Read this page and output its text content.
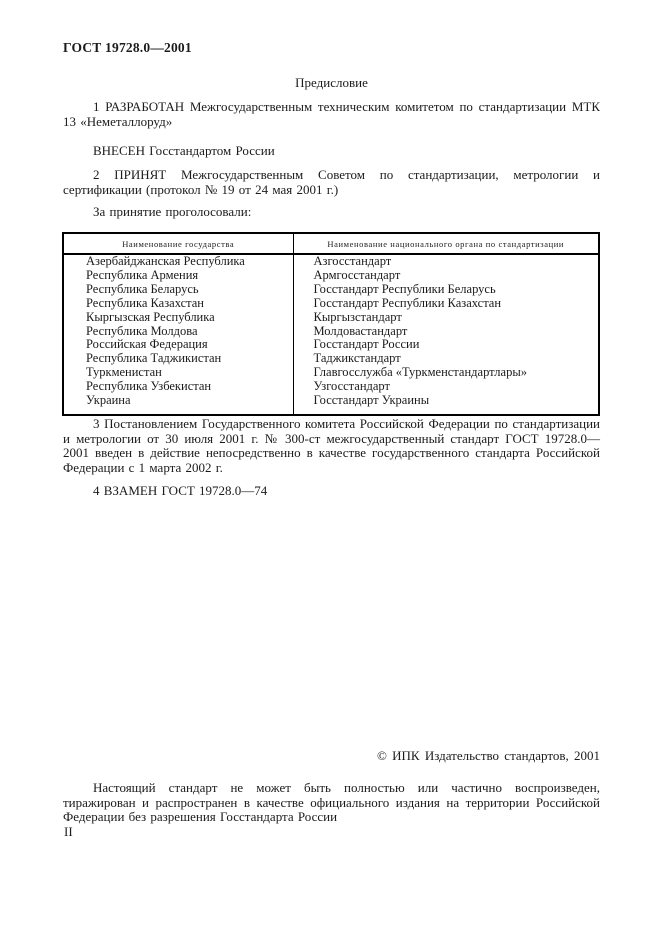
ГОСТ 19728.0—2001
Предисловие
1 РАЗРАБОТАН Межгосударственным техническим комитетом по стандартизации МТК 13 «Неметаллоруд»
ВНЕСЕН Госстандартом России
2 ПРИНЯТ Межгосударственным Советом по стандартизации, метрологии и сертификации (протокол № 19 от 24 мая 2001 г.)
За принятие проголосовали:
Наименование государства	Наименование национального органа по стандартизации
Азербайджанская Республика	Азгосстандарт
Республика Армения	Армгосстандарт
Республика Беларусь	Госстандарт Республики Беларусь
Республика Казахстан	Госстандарт Республики Казахстан
Кыргызская Республика	Кыргызстандарт
Республика Молдова	Молдовастандарт
Российская Федерация	Госстандарт России
Республика Таджикистан	Таджикстандарт
Туркменистан	Главгосслужба «Туркменстандартлары»
Республика Узбекистан	Узгосстандарт
Украина	Госстандарт Украины
3 Постановлением Государственного комитета Российской Федерации по стандартизации и метрологии от 30 июля 2001 г. № 300-ст межгосударственный стандарт ГОСТ 19728.0—2001 введен в действие непосредственно в качестве государственного стандарта Российской Федерации с 1 марта 2002 г.
4 ВЗАМЕН ГОСТ 19728.0—74
© ИПК Издательство стандартов, 2001
Настоящий стандарт не может быть полностью или частично воспроизведен, тиражирован и распространен в качестве официального издания на территории Российской Федерации без разрешения Госстандарта России
II
